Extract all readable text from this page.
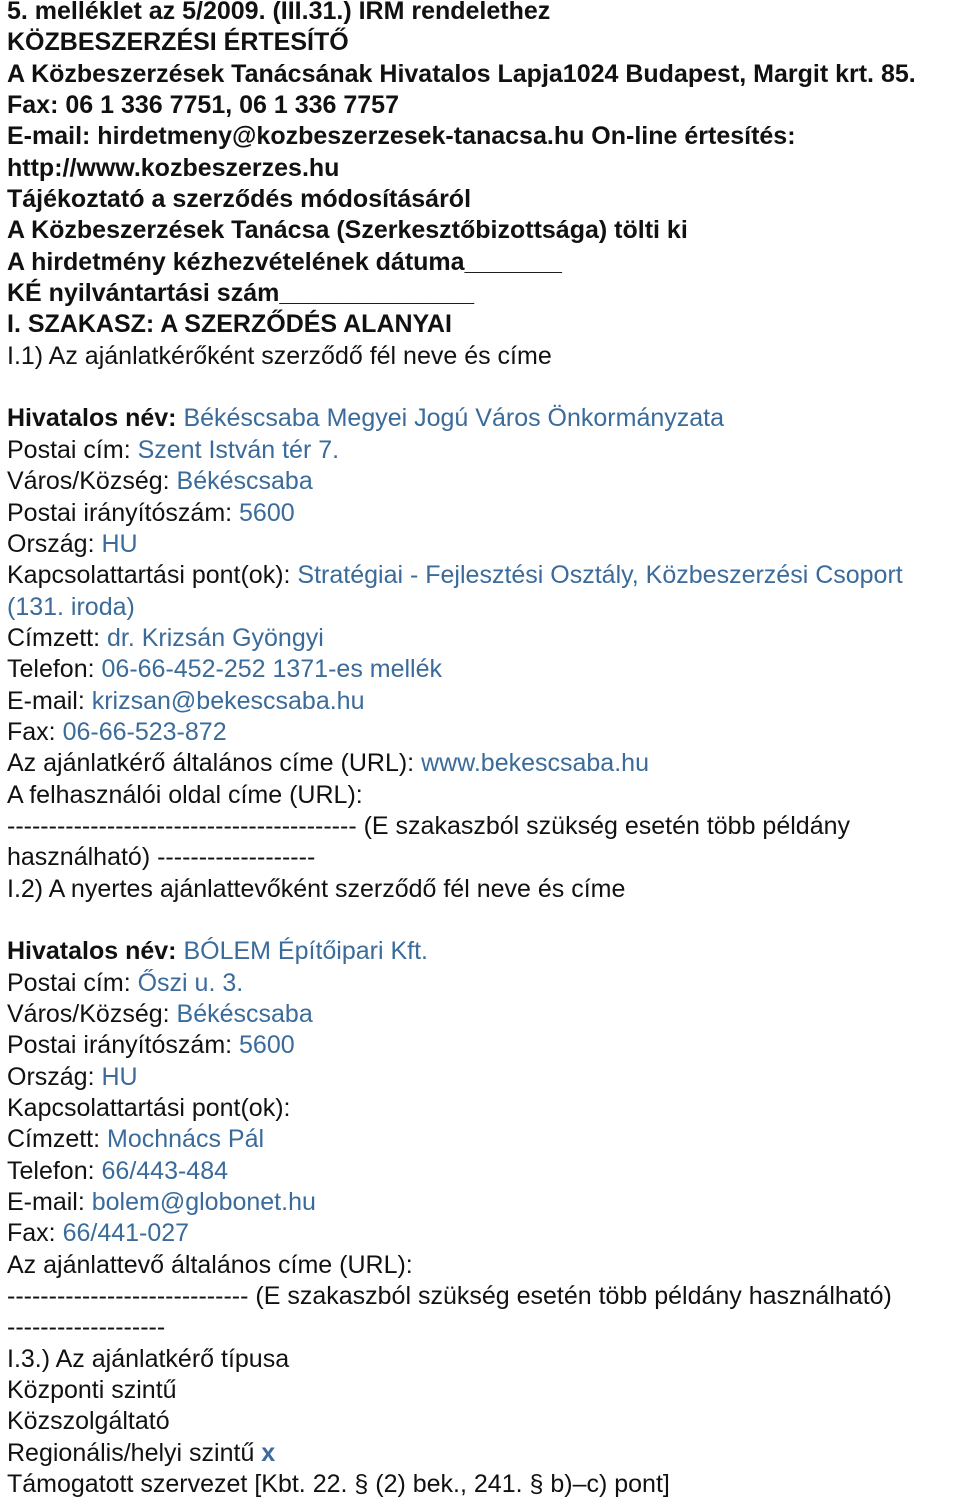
5. melléklet az 5/2009. (III.31.) IRM rendelethez
KÖZBESZERZÉSI ÉRTESÍTŐ
A Közbeszerzések Tanácsának Hivatalos Lapja1024 Budapest, Margit krt. 85.
Fax: 06 1 336 7751, 06 1 336 7757
E-mail: hirdetmeny@kozbeszerzesek-tanacsa.hu On-line értesítés:
http://www.kozbeszerzes.hu
Tájékoztató a szerződés módosításáról
A Közbeszerzések Tanácsa (Szerkesztőbizottsága) tölti ki
A hirdetmény kézhezvételének dátuma_______
KÉ nyilvántartási szám______________
I. SZAKASZ: A SZERZŐDÉS ALANYAI
I.1) Az ajánlatkérőként szerződő fél neve és címe
Hivatalos név: Békéscsaba Megyei Jogú Város Önkormányzata
Postai cím: Szent István tér 7.
Város/Község: Békéscsaba
Postai irányítószám: 5600
Ország: HU
Kapcsolattartási pont(ok): Stratégiai - Fejlesztési Osztály, Közbeszerzési Csoport
(131. iroda)
Címzett: dr. Krizsán Gyöngyi
Telefon: 06-66-452-252 1371-es mellék
E-mail: krizsan@bekescsaba.hu
Fax: 06-66-523-872
Az ajánlatkérő általános címe (URL): www.bekescsaba.hu
A felhasználói oldal címe (URL):
------------------------------------------ (E szakaszból szükség esetén több példány
használható) -------------------
I.2) A nyertes ajánlattevőként szerződő fél neve és címe
Hivatalos név: BÓLEM Építőipari Kft.
Postai cím: Őszi u. 3.
Város/Község: Békéscsaba
Postai irányítószám: 5600
Ország: HU
Kapcsolattartási pont(ok):
Címzett: Mochnács Pál
Telefon: 66/443-484
E-mail: bolem@globonet.hu
Fax: 66/441-027
Az ajánlattevő általános címe (URL):
----------------------------- (E szakaszból szükség esetén több példány használható)
-------------------
I.3.) Az ajánlatkérő típusa
Központi szintű
Közszolgáltató
Regionális/helyi szintű x
Támogatott szervezet [Kbt. 22. § (2) bek., 241. § b)–c) pont]
